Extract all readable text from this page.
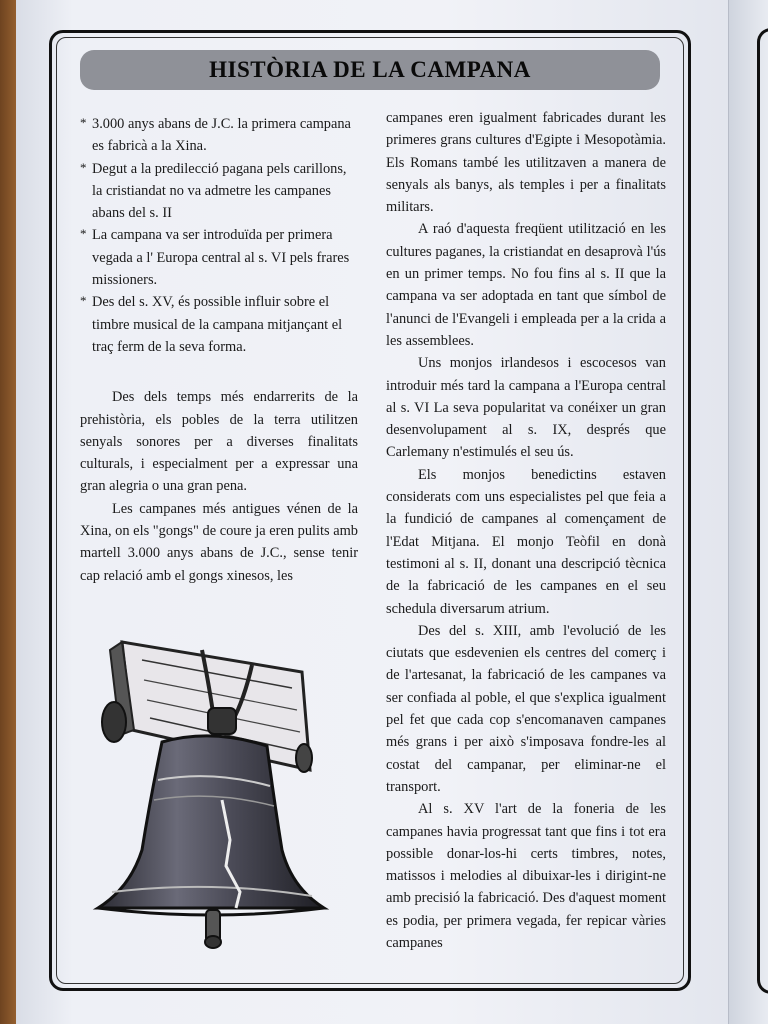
HISTÒRIA DE LA CAMPANA
* 3.000 anys abans de J.C. la primera campana es fabricà a la Xina.
* Degut a la predilecció pagana pels carillons, la cristiandat no va admetre les campanes abans del s. II
* La campana va ser introduïda per primera vegada a l' Europa central al s. VI pels frares missioners.
* Des del s. XV, és possible influir sobre el timbre musical de la campana mitjançant el traç ferm de la seva forma.

Des dels temps més endarrerits de la prehistòria, els pobles de la terra utilitzen senyals sonores per a diverses finalitats culturals, i especialment per a expressar una gran alegria o una gran pena.

Les campanes més antigues vénen de la Xina, on els "gongs" de coure ja eren pulits amb martell 3.000 anys abans de J.C., sense tenir cap relació amb el gongs xinesos, les

campanes eren igualment fabricades durant les primeres grans cultures d'Egipte i Mesopotàmia. Els Romans també les utilitzaven a manera de senyals als banys, als temples i per a finalitats militars.

A raó d'aquesta freqüent utilització en les cultures paganes, la cristiandat en desaprovà l'ús en un primer temps. No fou fins al s. II que la campana va ser adoptada en tant que símbol de l'anunci de l'Evangeli i empleada per a la crida a les assemblees.

Uns monjos irlandesos i escocesos van introduir més tard la campana a l'Europa central al s. VI La seva popularitat va conéixer un gran desenvolupament al s. IX, després que Carlemany n'estimulés el seu ús.

Els monjos benedictins estaven considerats com uns especialistes pel que feia a la fundició de campanes al començament de l'Edat Mitjana. El monjo Teòfil en donà testimoni al s. II, donant una descripció tècnica de la fabricació de les campanes en el seu schedula diversarum atrium.

Des del s. XIII, amb l'evolució de les ciutats que esdevenien els centres del comerç i de l'artesanat, la fabricació de les campanes va ser confiada al poble, el que s'explica igualment pel fet que cada cop s'encomanaven campanes més grans i per això s'imposava fondre-les al costat del campanar, per eliminar-ne el transport.

Al s. XV l'art de la foneria de les campanes havia progressat tant que fins i tot era possible donar-los-hi certs timbres, notes, matissos i melodies al dibuixar-les i dirigint-ne amb precisió la fabricació. Des d'aquest moment es podia, per primera vegada, fer repicar vàries campanes
